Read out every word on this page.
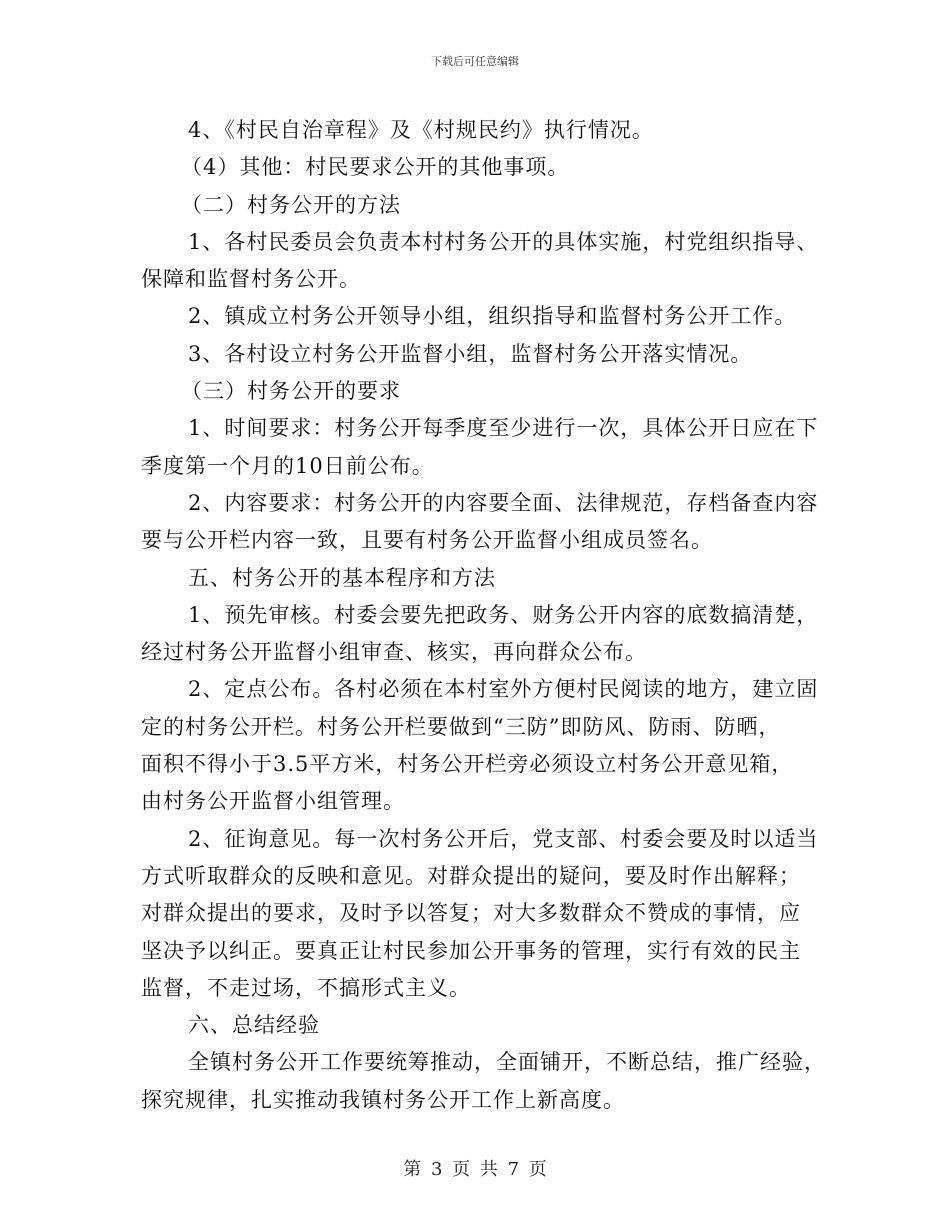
下载后可任意编辑
4、《村民自治章程》及《村规民约》执行情况。
（4）其他：村民要求公开的其他事项。
（二）村务公开的方法
1、各村民委员会负责本村村务公开的具体实施，村党组织指导、
保障和监督村务公开。
2、镇成立村务公开领导小组，组织指导和监督村务公开工作。
3、各村设立村务公开监督小组，监督村务公开落实情况。
（三）村务公开的要求
1、时间要求：村务公开每季度至少进行一次，具体公开日应在下
季度第一个月的10日前公布。
2、内容要求：村务公开的内容要全面、法律规范，存档备查内容
要与公开栏内容一致，且要有村务公开监督小组成员签名。
五、村务公开的基本程序和方法
1、预先审核。村委会要先把政务、财务公开内容的底数搞清楚，
经过村务公开监督小组审查、核实，再向群众公布。
2、定点公布。各村必须在本村室外方便村民阅读的地方，建立固
定的村务公开栏。村务公开栏要做到“三防”即防风、防雨、防晒，
面积不得小于3.5平方米，村务公开栏旁必须设立村务公开意见箱，
由村务公开监督小组管理。
2、征询意见。每一次村务公开后，党支部、村委会要及时以适当
方式听取群众的反映和意见。对群众提出的疑问，要及时作出解释；
对群众提出的要求，及时予以答复；对大多数群众不赞成的事情，应
坚决予以纠正。要真正让村民参加公开事务的管理，实行有效的民主
监督，不走过场，不搞形式主义。
六、总结经验
全镇村务公开工作要统筹推动，全面铺开，不断总结，推广经验，
探究规律，扎实推动我镇村务公开工作上新高度。
第 3 页 共 7 页
